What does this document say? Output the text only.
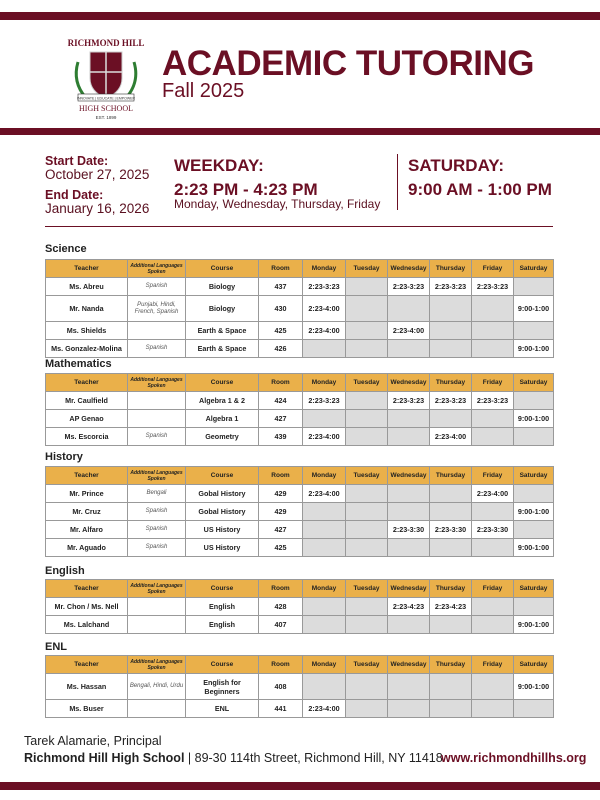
RICHMOND HILL
INNOVATE | EDUCATE | EMPOWER
HIGH SCHOOL
EST. 1899
ACADEMIC TUTORING
Fall 2025
Start Date:
October 27, 2025
End Date:
January 16, 2026
WEEKDAY:
2:23 PM - 4:23 PM
Monday, Wednesday, Thursday, Friday
SATURDAY:
9:00 AM - 1:00 PM
Science
Teacher	Additional Languages Spoken	Course	Room	Monday	Tuesday	Wednesday	Thursday	Friday	Saturday
Ms. Abreu	Spanish	Biology	437	2:23-3:23		2:23-3:23	2:23-3:23	2:23-3:23	
Mr. Nanda	Punjabi, Hindi, French, Spanish	Biology	430	2:23-4:00					9:00-1:00
Ms. Shields		Earth & Space	425	2:23-4:00		2:23-4:00			
Ms. Gonzalez-Molina	Spanish	Earth & Space	426						9:00-1:00
Mathematics
Teacher	Additional Languages Spoken	Course	Room	Monday	Tuesday	Wednesday	Thursday	Friday	Saturday
Mr. Caulfield		Algebra 1 & 2	424	2:23-3:23		2:23-3:23	2:23-3:23	2:23-3:23	
AP Genao		Algebra 1	427						9:00-1:00
Ms. Escorcia	Spanish	Geometry	439	2:23-4:00			2:23-4:00		
History
Teacher	Additional Languages Spoken	Course	Room	Monday	Tuesday	Wednesday	Thursday	Friday	Saturday
Mr. Prince	Bengali	Gobal History	429	2:23-4:00				2:23-4:00	
Mr. Cruz	Spanish	Gobal History	429						9:00-1:00
Mr. Alfaro	Spanish	US History	427			2:23-3:30	2:23-3:30	2:23-3:30	
Mr. Aguado	Spanish	US History	425						9:00-1:00
English
Teacher	Additional Languages Spoken	Course	Room	Monday	Tuesday	Wednesday	Thursday	Friday	Saturday
Mr. Chon / Ms. Nell		English	428			2:23-4:23	2:23-4:23		
Ms. Lalchand		English	407						9:00-1:00
ENL
Teacher	Additional Languages Spoken	Course	Room	Monday	Tuesday	Wednesday	Thursday	Friday	Saturday
Ms. Hassan	Bengali, Hindi, Urdu	English for Beginners	408						9:00-1:00
Ms. Buser		ENL	441	2:23-4:00					
Tarek Alamarie, Principal
Richmond Hill High School | 89-30 114th Street, Richmond Hill, NY 11418
www.richmondhillhs.org
